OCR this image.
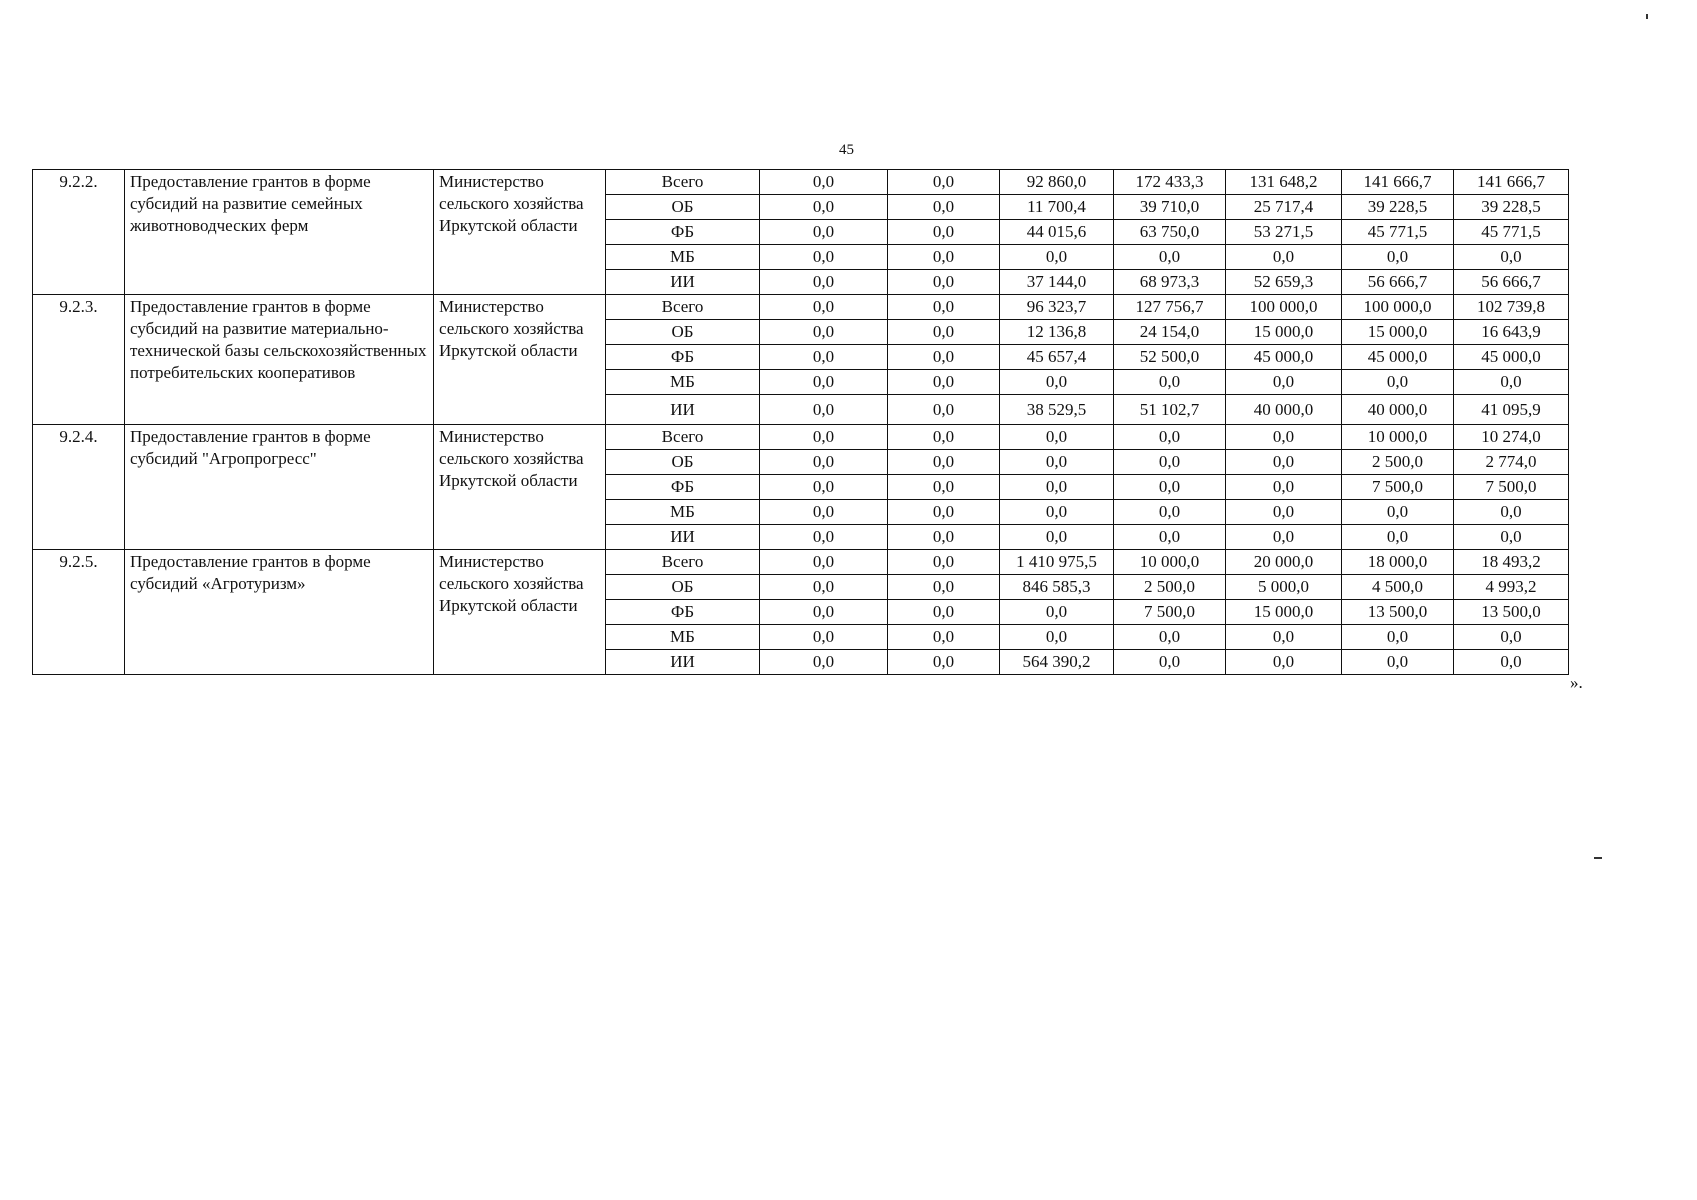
45
9.2.2.	Предоставление грантов в форме субсидий на развитие семейных животноводческих ферм	Министерство сельского хозяйства Иркутской области	Всего	0,0	0,0	92 860,0	172 433,3	131 648,2	141 666,7	141 666,7
			ОБ	0,0	0,0	11 700,4	39 710,0	25 717,4	39 228,5	39 228,5
			ФБ	0,0	0,0	44 015,6	63 750,0	53 271,5	45 771,5	45 771,5
			МБ	0,0	0,0	0,0	0,0	0,0	0,0	0,0
			ИИ	0,0	0,0	37 144,0	68 973,3	52 659,3	56 666,7	56 666,7
9.2.3.	Предоставление грантов в форме субсидий на развитие материально-технической базы сельскохозяйственных потребительских кооперативов	Министерство сельского хозяйства Иркутской области	Всего	0,0	0,0	96 323,7	127 756,7	100 000,0	100 000,0	102 739,8
			ОБ	0,0	0,0	12 136,8	24 154,0	15 000,0	15 000,0	16 643,9
			ФБ	0,0	0,0	45 657,4	52 500,0	45 000,0	45 000,0	45 000,0
			МБ	0,0	0,0	0,0	0,0	0,0	0,0	0,0
			ИИ	0,0	0,0	38 529,5	51 102,7	40 000,0	40 000,0	41 095,9
9.2.4.	Предоставление грантов в форме субсидий "Агропрогресс"	Министерство сельского хозяйства Иркутской области	Всего	0,0	0,0	0,0	0,0	0,0	10 000,0	10 274,0
			ОБ	0,0	0,0	0,0	0,0	0,0	2 500,0	2 774,0
			ФБ	0,0	0,0	0,0	0,0	0,0	7 500,0	7 500,0
			МБ	0,0	0,0	0,0	0,0	0,0	0,0	0,0
			ИИ	0,0	0,0	0,0	0,0	0,0	0,0	0,0
9.2.5.	Предоставление грантов в форме субсидий «Агротуризм»	Министерство сельского хозяйства Иркутской области	Всего	0,0	0,0	1 410 975,5	10 000,0	20 000,0	18 000,0	18 493,2
			ОБ	0,0	0,0	846 585,3	2 500,0	5 000,0	4 500,0	4 993,2
			ФБ	0,0	0,0	0,0	7 500,0	15 000,0	13 500,0	13 500,0
			МБ	0,0	0,0	0,0	0,0	0,0	0,0	0,0
			ИИ	0,0	0,0	564 390,2	0,0	0,0	0,0	0,0
».
